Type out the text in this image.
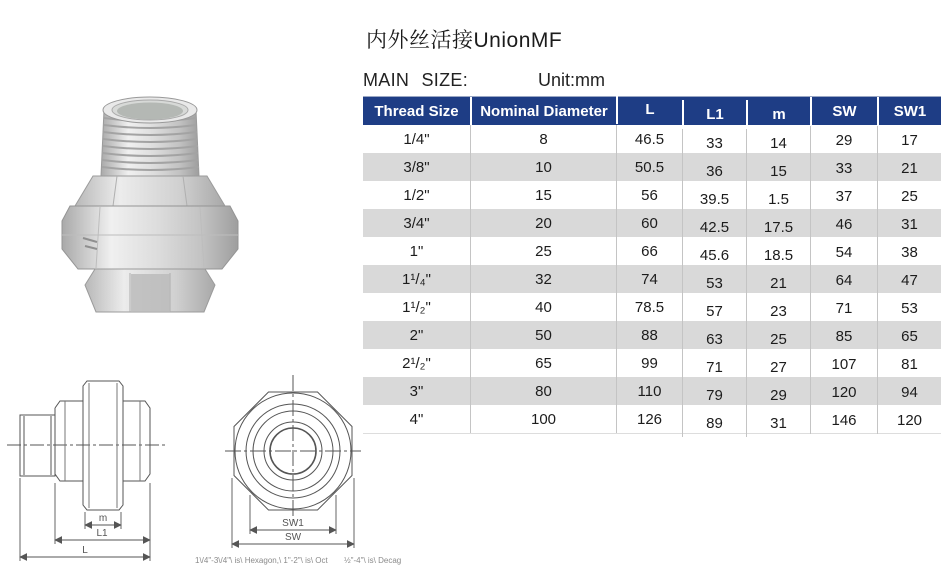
内外丝活接UnionMF
MAIN SIZE:	Unit:mm
Thread Size	Nominal Diameter	L	L1	m	SW	SW1
1/4"	8	46.5	33	14	29	17
3/8"	10	50.5	36	15	33	21
1/2"	15	56	39.5	1.5	37	25
3/4"	20	60	42.5	17.5	46	31
1"	25	66	45.6	18.5	54	38
1¹/₄"	32	74	53	21	64	47
1¹/₂"	40	78.5	57	23	71	53
2"	50	88	63	25	85	65
2¹/₂"	65	99	71	27	107	81
3"	80	110	79	29	120	94
4"	100	126	89	31	146	120
m
L1
L
SW1
SW
1\/4"-3\/4"\ is\ Hexagon,\ 1"-2"\ is\ Oct ½"-4"\ is\ Decag
